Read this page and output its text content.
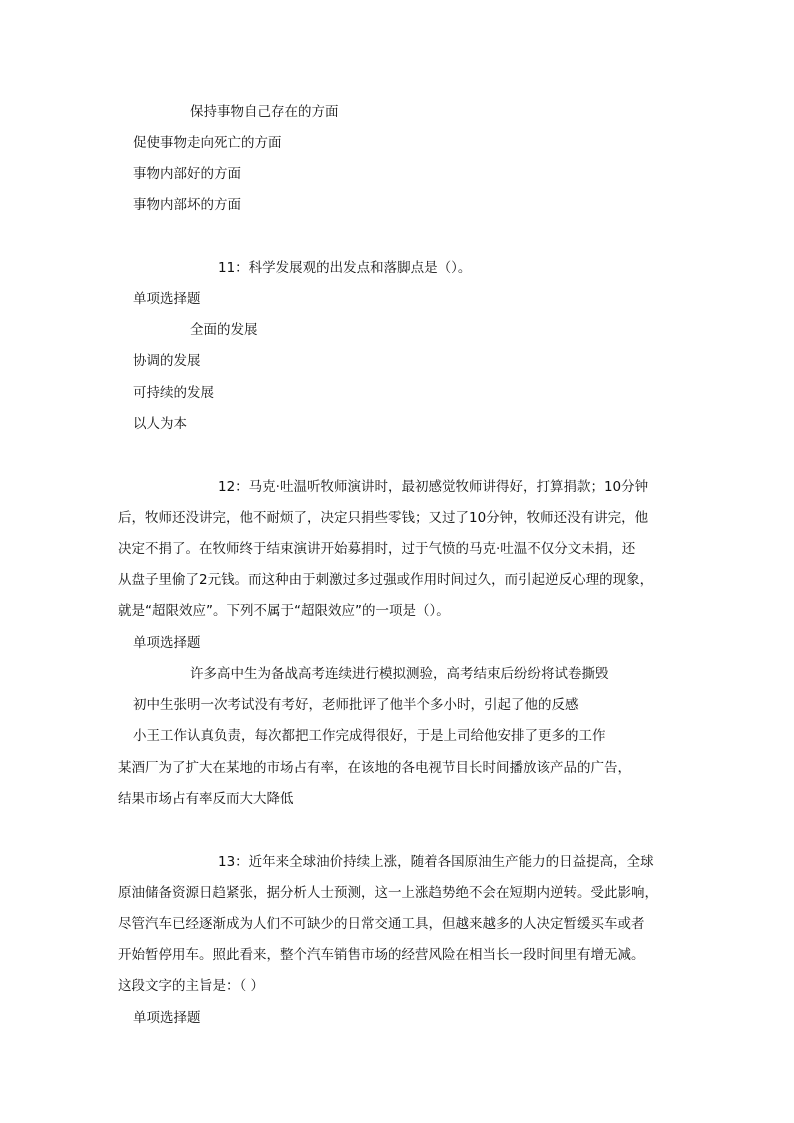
保持事物自己存在的方面
促使事物走向死亡的方面
事物内部好的方面
事物内部坏的方面
11：科学发展观的出发点和落脚点是（）。
单项选择题
全面的发展
协调的发展
可持续的发展
以人为本
12：马克·吐温听牧师演讲时，最初感觉牧师讲得好，打算捐款；10分钟
后，牧师还没讲完，他不耐烦了，决定只捐些零钱；又过了10分钟，牧师还没有讲完，他
决定不捐了。在牧师终于结束演讲开始募捐时，过于气愤的马克·吐温不仅分文未捐，还
从盘子里偷了2元钱。而这种由于刺激过多过强或作用时间过久，而引起逆反心理的现象，
就是“超限效应”。下列不属于“超限效应”的一项是（）。
单项选择题
许多高中生为备战高考连续进行模拟测验，高考结束后纷纷将试卷撕毁
初中生张明一次考试没有考好，老师批评了他半个多小时，引起了他的反感
小王工作认真负责，每次都把工作完成得很好，于是上司给他安排了更多的工作
某酒厂为了扩大在某地的市场占有率，在该地的各电视节目长时间播放该产品的广告，
结果市场占有率反而大大降低
13：近年来全球油价持续上涨，随着各国原油生产能力的日益提高，全球
原油储备资源日趋紧张，据分析人士预测，这一上涨趋势绝不会在短期内逆转。受此影响，
尽管汽车已经逐渐成为人们不可缺少的日常交通工具，但越来越多的人决定暂缓买车或者
开始暂停用车。照此看来，整个汽车销售市场的经营风险在相当长一段时间里有增无减。
这段文字的主旨是：（ ）
单项选择题
